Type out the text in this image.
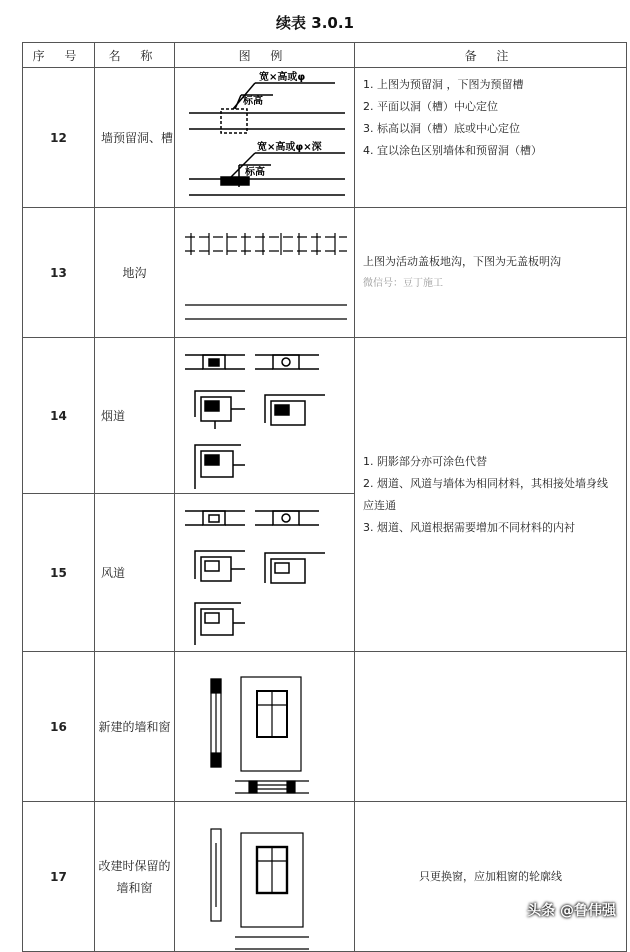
续表 3.0.1
序 号	名 称	图 例	备 注
12	墙预留洞、槽	宽×高或φ
标高
宽×高或φ×深
标高	1. 上图为预留洞 ，下图为预留槽
2. 平面以洞（槽）中心定位
3. 标高以洞（槽）底或中心定位
4. 宜以涂色区别墙体和预留洞（槽）

13	地沟		上图为活动盖板地沟，下图为无盖板明沟
微信号：豆丁施工

14	烟道		1. 阴影部分亦可涂色代替
2. 烟道、风道与墙体为相同材料，其相接处墙身线应连通
3. 烟道、风道根据需要增加不同材料的内衬

15	风道	

16	新建的墙和窗	

17	改建时保留的墙和窗		只更换窗，应加粗窗的轮廓线
头条 @鲁伟强
